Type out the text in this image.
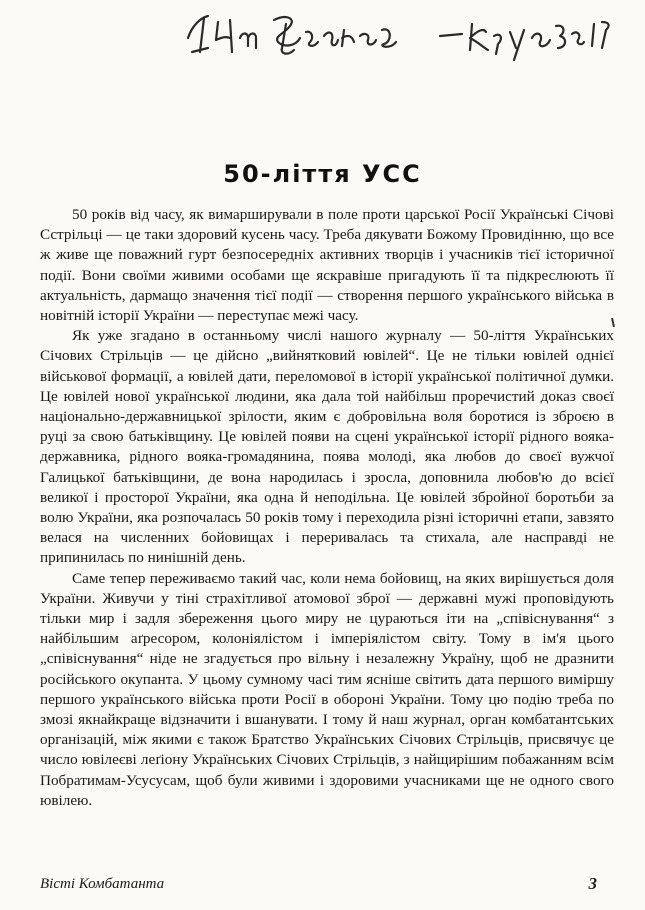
50-ліття УСС

50 років від часу, як вимарширували в поле проти царської Росії Українські Січові Сстрільці — це таки здоровий кусень часу. Треба дякувати Божому Провидінню, що все ж живе ще поважний гурт безпосередніх активних творців і учасників тієї історичної події. Вони своїми живими особами ще яскравіше пригадують її та підкреслюють її актуальність, дармащо значення тієї події — створення першого українського війська в новітній історії України — переступає межі часу.

Як уже згадано в останньому числі нашого журналу — 50-ліття Українських Січових Стрільців — це дійсно „вийнятковий ювілей“. Це не тільки ювілей однієї військової формації, а ювілей дати, переломової в історії української політичної думки. Це ювілей нової української людини, яка дала той найбільш проречистий доказ своєї національно-державницької зрілости, яким є добровільна воля боротися із зброєю в руці за свою батьківщину. Це ювілей появи на сцені української історії рідного вояка-державника, рідного вояка-громадянина, поява молоді, яка любов до своєї вужчої Галицької батьківщини, де вона народилась і зросла, доповнила любов'ю до всієї великої і просторої України, яка одна й неподільна. Це ювілей збройної боротьби за волю України, яка розпочалась 50 років тому і переходила різні історичні етапи, завзято велася на численних бойовищах і переривалась та стихала, але насправді не припинилась по нинішній день.

Саме тепер переживаємо такий час, коли нема бойовищ, на яких вирішується доля України. Живучи у тіні страхітливої атомової зброї — державні мужі проповідують тільки мир і задля збереження цього миру не цураються іти на „співіснування“ з найбільшим аґресором, колоніялістом і імперіялістом світу. Тому в ім'я цього „співіснування“ ніде не згадується про вільну і незалежну Україну, щоб не дразнити російського окупанта. У цьому сумному часі тим ясніше світить дата першого виміршу першого українського війська проти Росії в обороні України. Тому цю подію треба по змозі якнайкраще відзначити і вшанувати. І тому й наш журнал, орган комбатантських організацій, між якими є також Братство Українських Січових Стрільців, присвячує це число ювілеєві леґіону Українських Січових Стрільців, з найщирішим побажанням всім Побратимам-Усусусам, щоб були живими і здоровими учасниками ще не одного свого ювілею.

Вісті Комбатанта	3
